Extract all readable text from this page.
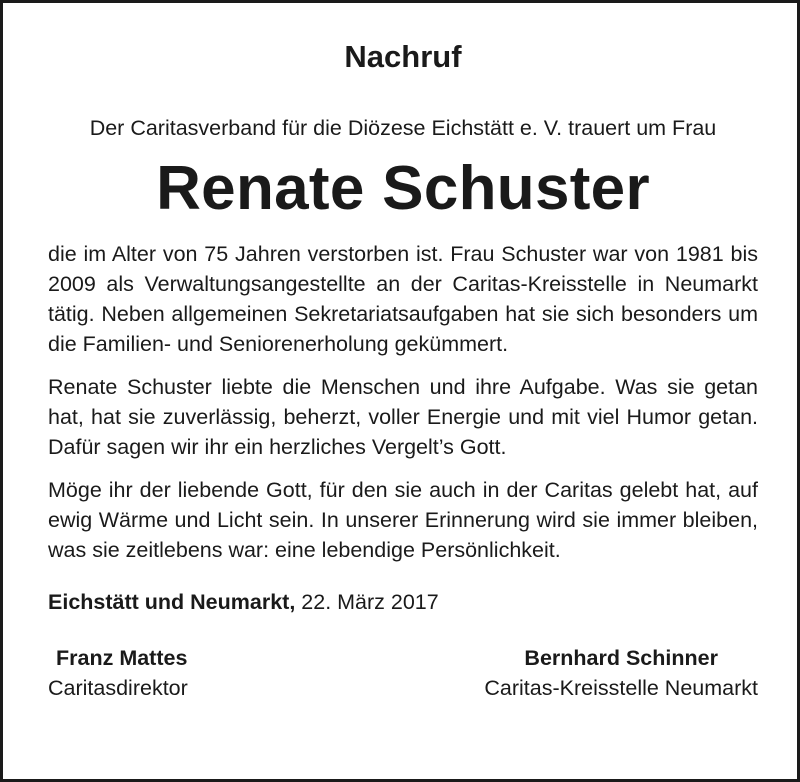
Nachruf

Der Caritasverband für die Diözese Eichstätt e. V. trauert um Frau

Renate Schuster

die im Alter von 75 Jahren verstorben ist. Frau Schuster war von 1981 bis 2009 als Verwaltungsangestellte an der Caritas-Kreisstelle in Neumarkt tätig. Neben allgemeinen Sekretariatsaufgaben hat sie sich besonders um die Familien- und Seniorenerholung gekümmert.

Renate Schuster liebte die Menschen und ihre Aufgabe. Was sie getan hat, hat sie zuverlässig, beherzt, voller Energie und mit viel Humor getan. Dafür sagen wir ihr ein herzliches Vergelt’s Gott.

Möge ihr der liebende Gott, für den sie auch in der Caritas gelebt hat, auf ewig Wärme und Licht sein. In unserer Erinnerung wird sie immer bleiben, was sie zeitlebens war: eine lebendige Persönlichkeit.

Eichstätt und Neumarkt, 22. März 2017

Franz Mattes
Caritasdirektor
Bernhard Schinner
Caritas-Kreisstelle Neumarkt
